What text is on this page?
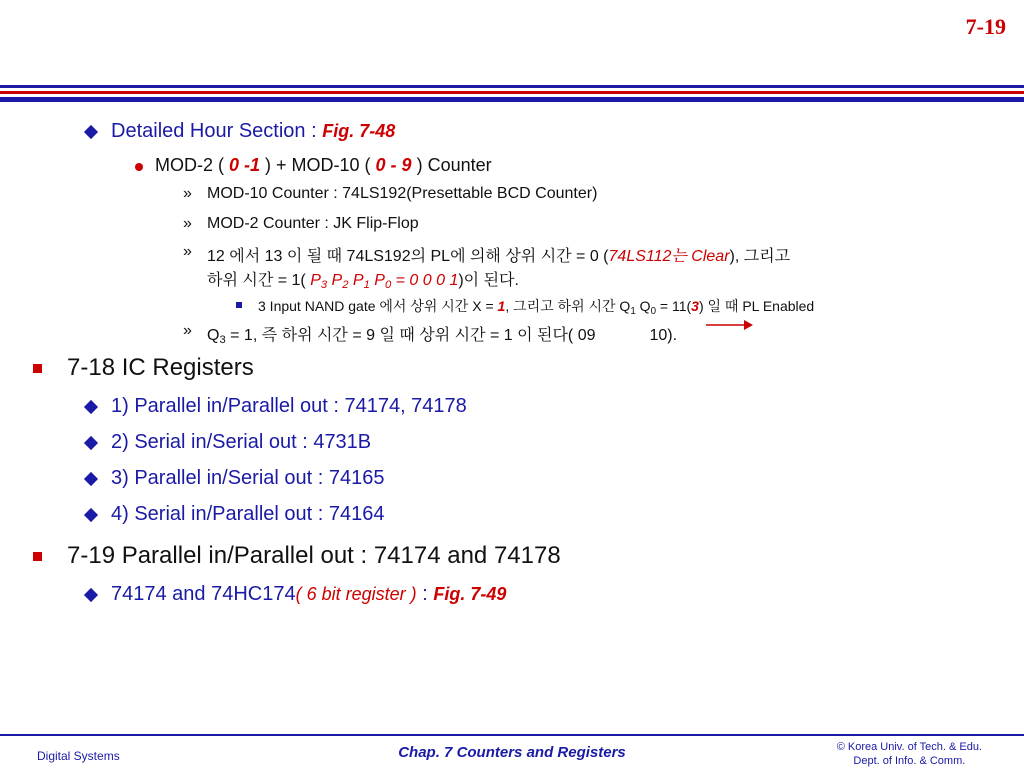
7-19
Detailed Hour Section : Fig. 7-48
MOD-2 ( 0 -1 ) + MOD-10 ( 0 - 9 ) Counter
» MOD-10 Counter : 74LS192(Presettable BCD Counter)
» MOD-2 Counter : JK Flip-Flop
» 12 에서 13 이 될 때 74LS192의 PL에 의해 상위 시간 = 0 (74LS112는 Clear), 그리고
하위 시간 = 1( $P_3$ $P_2$ $P_1$ $P_0 = 0$ 0 0 1)이 된다.
3 Input NAND gate 에서 상위 시간 X = 1, 그리고 하위 시간 $Q_1$ $Q_0 = 11(3)$ 일 때 PL Enabled
» $Q_3 = 1$, 즉 하위 시간 = 9 일 때 상위 시간 = 1 이 된다( 09	10).
7-18 IC Registers
1) Parallel in/Parallel out : 74174, 74178
2) Serial in/Serial out : 4731B
3) Parallel in/Serial out : 74165
4) Serial in/Parallel out : 74164
7-19 Parallel in/Parallel out : 74174 and 74178
74174 and 74HC174( 6 bit register ) : Fig. 7-49
Digital Systems	Chap. 7 Counters and Registers	© Korea Univ. of Tech. & Edu.
Dept. of Info. & Comm.
